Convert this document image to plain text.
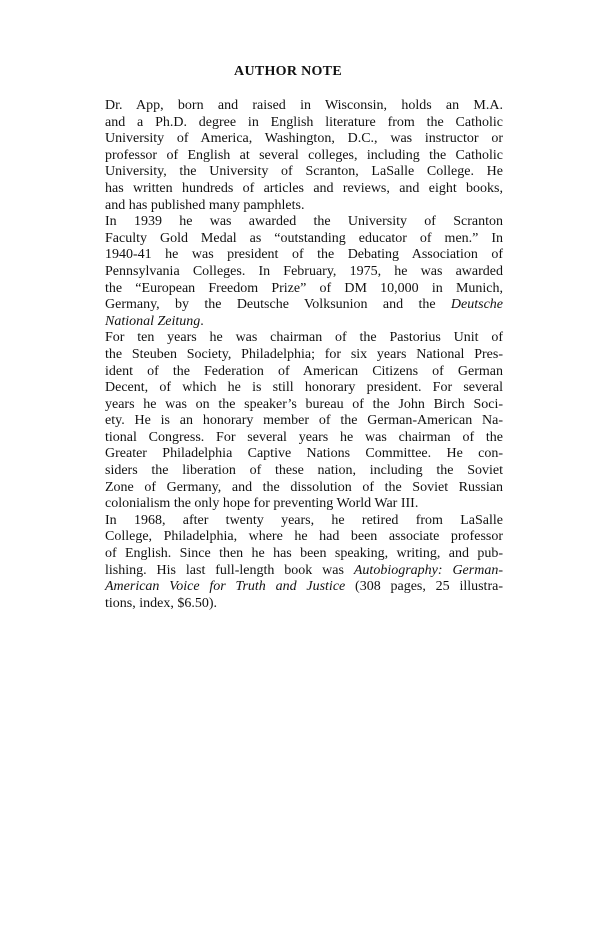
AUTHOR NOTE
Dr. App, born and raised in Wisconsin, holds an M.A.
and a Ph.D. degree in English literature from the Catholic
University of America, Washington, D.C., was instructor or
professor of English at several colleges, including the Catholic
University, the University of Scranton, LaSalle College. He
has written hundreds of articles and reviews, and eight books,
and has published many pamphlets.
In 1939 he was awarded the University of Scranton
Faculty Gold Medal as “outstanding educator of men.” In
1940-41 he was president of the Debating Association of
Pennsylvania Colleges. In February, 1975, he was awarded
the “European Freedom Prize” of DM 10,000 in Munich,
Germany, by the Deutsche Volksunion and the Deutsche
National Zeitung.
For ten years he was chairman of the Pastorius Unit of
the Steuben Society, Philadelphia; for six years National Pres-
ident of the Federation of American Citizens of German
Decent, of which he is still honorary president. For several
years he was on the speaker’s bureau of the John Birch Soci-
ety. He is an honorary member of the German-American Na-
tional Congress. For several years he was chairman of the
Greater Philadelphia Captive Nations Committee. He con-
siders the liberation of these nation, including the Soviet
Zone of Germany, and the dissolution of the Soviet Russian
colonialism the only hope for preventing World War III.
In 1968, after twenty years, he retired from LaSalle
College, Philadelphia, where he had been associate professor
of English. Since then he has been speaking, writing, and pub-
lishing. His last full-length book was Autobiography: German-
American Voice for Truth and Justice (308 pages, 25 illustra-
tions, index, $6.50).
